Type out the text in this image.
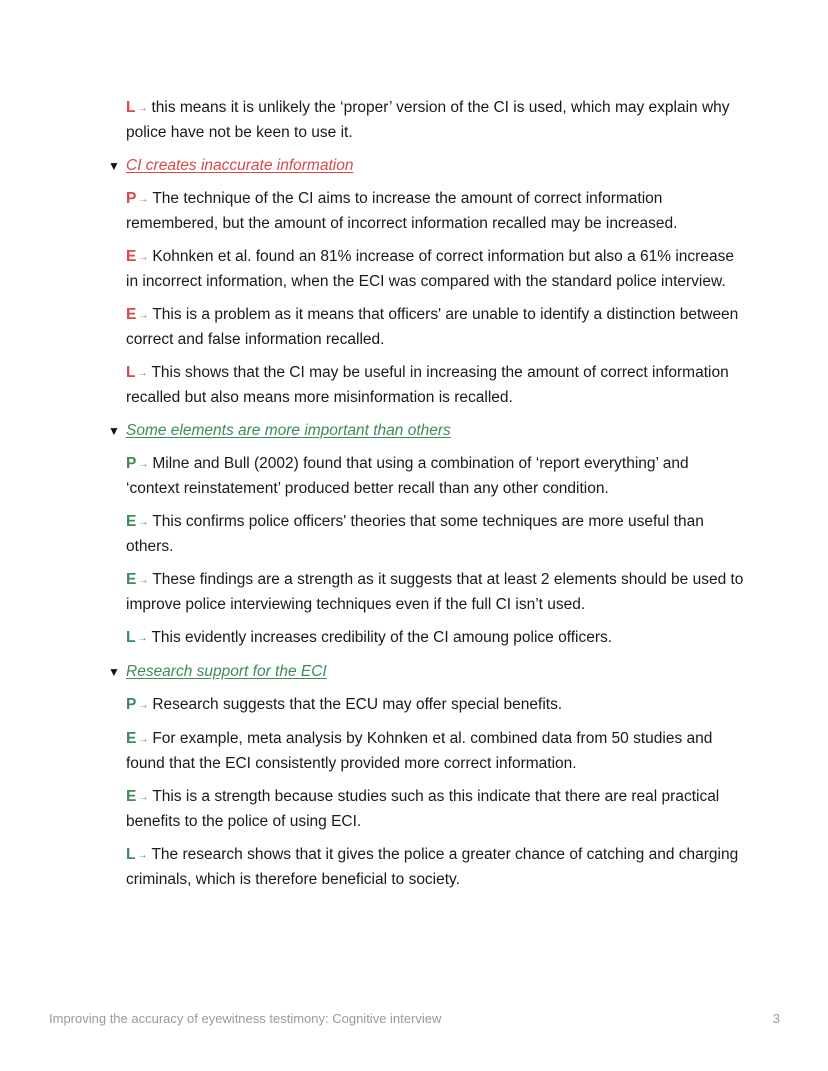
L → this means it is unlikely the ‘proper’ version of the CI is used, which may explain why police have not be keen to use it.

▼ CI creates inaccurate information

P → The technique of the CI aims to increase the amount of correct information remembered, but the amount of incorrect information recalled may be increased.

E → Kohnken et al. found an 81% increase of correct information but also a 61% increase in incorrect information, when the ECI was compared with the standard police interview.

E → This is a problem as it means that officers' are unable to identify a distinction between correct and false information recalled.

L → This shows that the CI may be useful in increasing the amount of correct information recalled but also means more misinformation is recalled.

▼ Some elements are more important than others

P → Milne and Bull (2002) found that using a combination of ‘report everything’ and ‘context reinstatement’ produced better recall than any other condition.

E → This confirms police officers' theories that some techniques are more useful than others.

E → These findings are a strength as it suggests that at least 2 elements should be used to improve police interviewing techniques even if the full CI isn’t used.

L → This evidently increases credibility of the CI amoung police officers.

▼ Research support for the ECI

P → Research suggests that the ECU may offer special benefits.

E → For example, meta analysis by Kohnken et al. combined data from 50 studies and found that the ECI consistently provided more correct information.

E → This is a strength because studies such as this indicate that there are real practical benefits to the police of using ECI.

L → The research shows that it gives the police a greater chance of catching and charging criminals, which is therefore beneficial to society.

Improving the accuracy of eyewitness testimony: Cognitive interview	3
